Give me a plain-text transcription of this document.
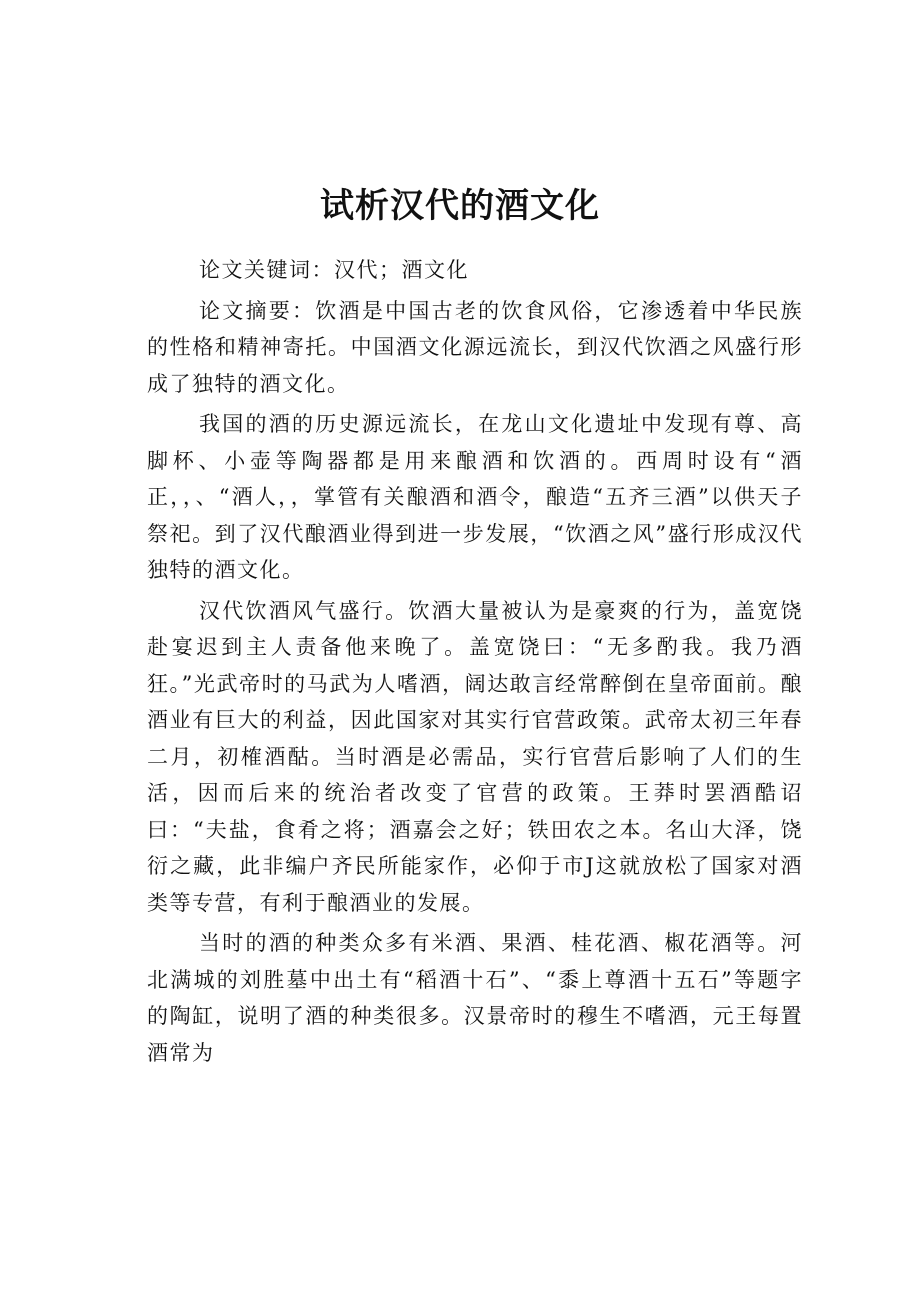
试析汉代的酒文化

论文关键词：汉代；酒文化

论文摘要：饮酒是中国古老的饮食风俗，它渗透着中华民族的性格和精神寄托。中国酒文化源远流长，到汉代饮酒之风盛行形成了独特的酒文化。

我国的酒的历史源远流长，在龙山文化遗址中发现有尊、高脚杯、小壶等陶器都是用来酿酒和饮酒的。西周时设有“酒正，，、“酒人，，掌管有关酿酒和酒令，酿造“五齐三酒”以供天子祭祀。到了汉代酿酒业得到进一步发展，“饮酒之风”盛行形成汉代独特的酒文化。

汉代饮酒风气盛行。饮酒大量被认为是豪爽的行为，盖宽饶赴宴迟到主人责备他来晚了。盖宽饶曰：“无多酌我。我乃酒狂。”光武帝时的马武为人嗜酒，阔达敢言经常醉倒在皇帝面前。酿酒业有巨大的利益，因此国家对其实行官营政策。武帝太初三年春二月，初榷酒酤。当时酒是必需品，实行官营后影响了人们的生活，因而后来的统治者改变了官营的政策。王莽时罢酒酷诏曰：“夫盐，食肴之将；酒嘉会之好；铁田农之本。名山大泽，饶衍之藏，此非编户齐民所能家作，必仰于市J这就放松了国家对酒类等专营，有利于酿酒业的发展。

当时的酒的种类众多有米酒、果酒、桂花酒、椒花酒等。河北满城的刘胜墓中出土有“稻酒十石”、“黍上尊酒十五石”等题字的陶缸，说明了酒的种类很多。汉景帝时的穆生不嗜酒，元王每置酒常为
